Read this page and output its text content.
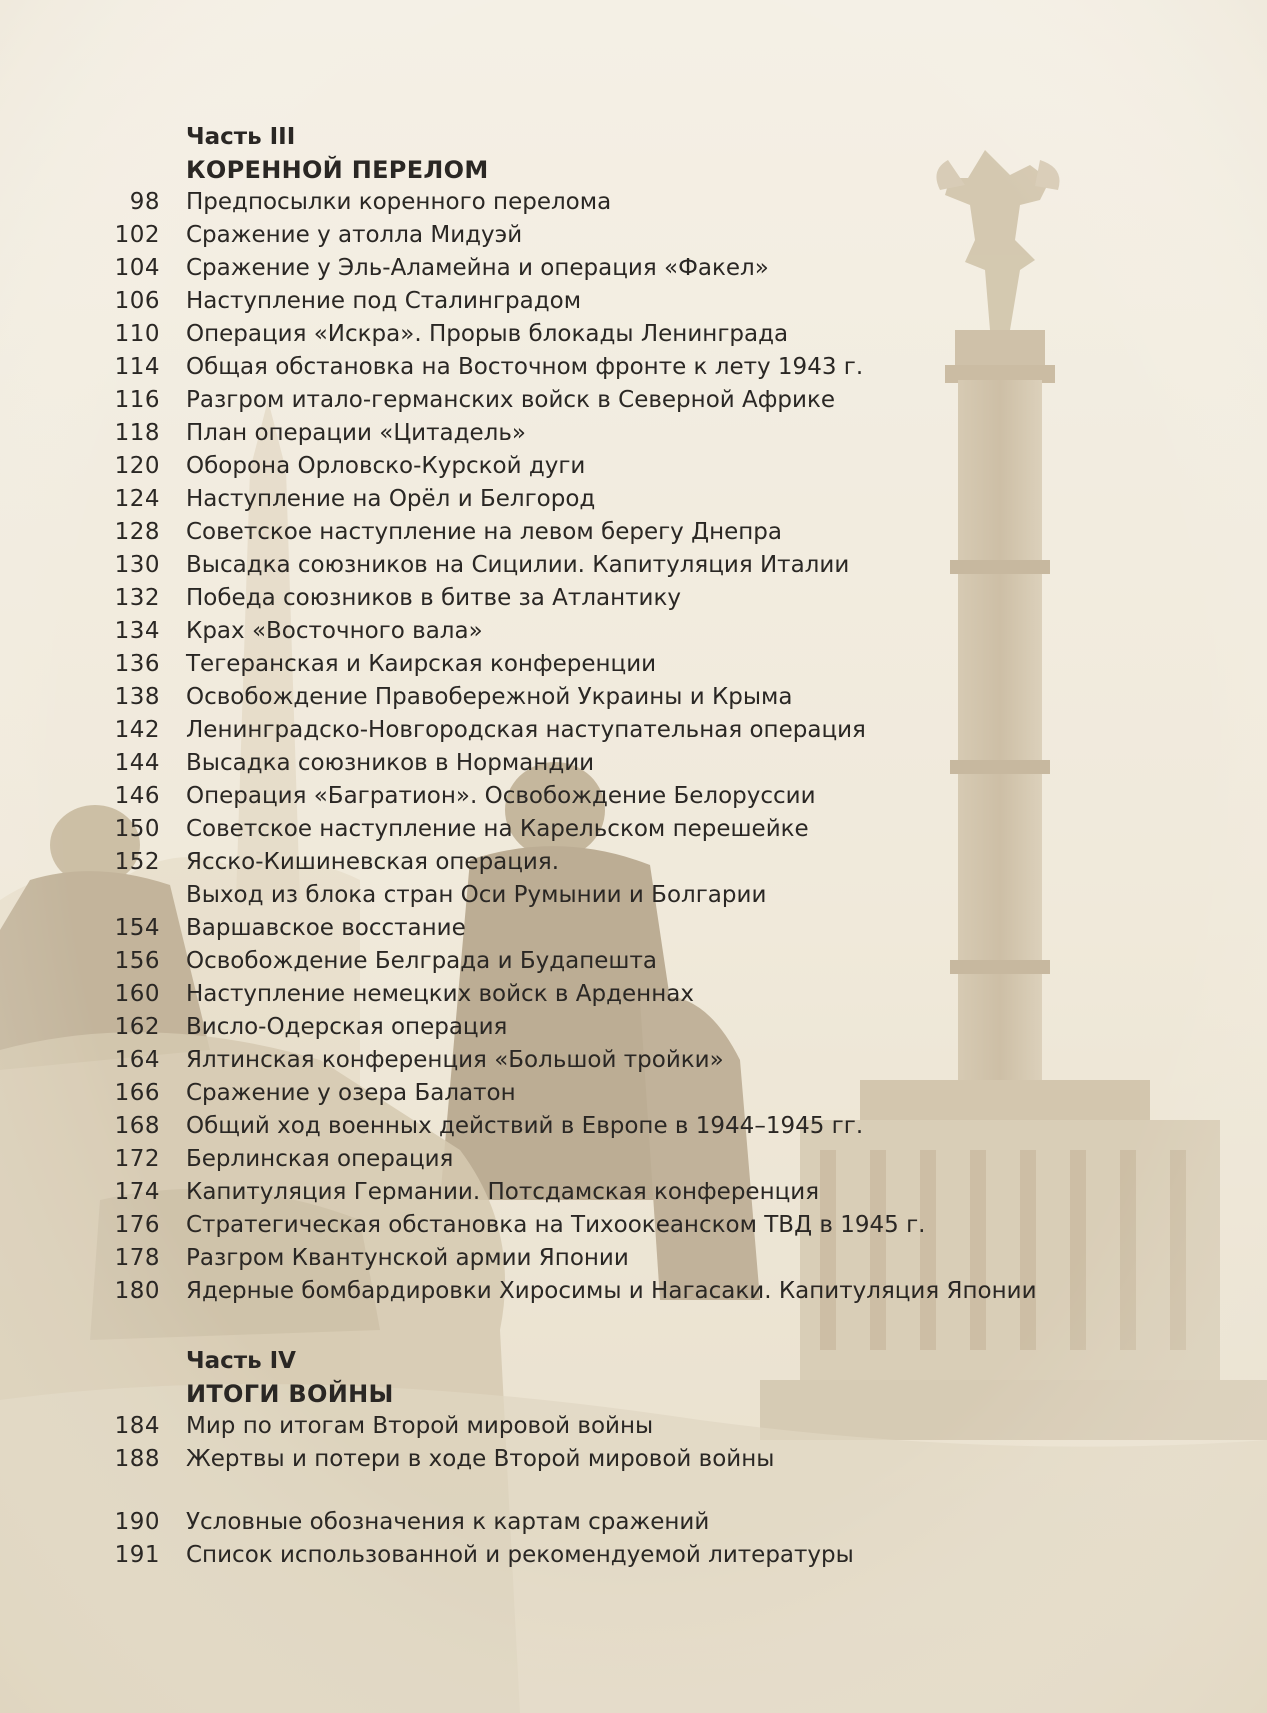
Часть III
КОРЕННОЙ ПЕРЕЛОМ
98 Предпосылки коренного перелома
102 Сражение у атолла Мидуэй
104 Сражение у Эль-Аламейна и операция «Факел»
106 Наступление под Сталинградом
110 Операция «Искра». Прорыв блокады Ленинграда
114 Общая обстановка на Восточном фронте к лету 1943 г.
116 Разгром итало-германских войск в Северной Африке
118 План операции «Цитадель»
120 Оборона Орловско-Курской дуги
124 Наступление на Орёл и Белгород
128 Советское наступление на левом берегу Днепра
130 Высадка союзников на Сицилии. Капитуляция Италии
132 Победа союзников в битве за Атлантику
134 Крах «Восточного вала»
136 Тегеранская и Каирская конференции
138 Освобождение Правобережной Украины и Крыма
142 Ленинградско-Новгородская наступательная операция
144 Высадка союзников в Нормандии
146 Операция «Багратион». Освобождение Белоруссии
150 Советское наступление на Карельском перешейке
152 Ясско-Кишиневская операция.
Выход из блока стран Оси Румынии и Болгарии
154 Варшавское восстание
156 Освобождение Белграда и Будапешта
160 Наступление немецких войск в Арденнах
162 Висло-Одерская операция
164 Ялтинская конференция «Большой тройки»
166 Сражение у озера Балатон
168 Общий ход военных действий в Европе в 1944–1945 гг.
172 Берлинская операция
174 Капитуляция Германии. Потсдамская конференция
176 Стратегическая обстановка на Тихоокеанском ТВД в 1945 г.
178 Разгром Квантунской армии Японии
180 Ядерные бомбардировки Хиросимы и Нагасаки. Капитуляция Японии
Часть IV
ИТОГИ ВОЙНЫ
184 Мир по итогам Второй мировой войны
188 Жертвы и потери в ходе Второй мировой войны
190 Условные обозначения к картам сражений
191 Список использованной и рекомендуемой литературы
